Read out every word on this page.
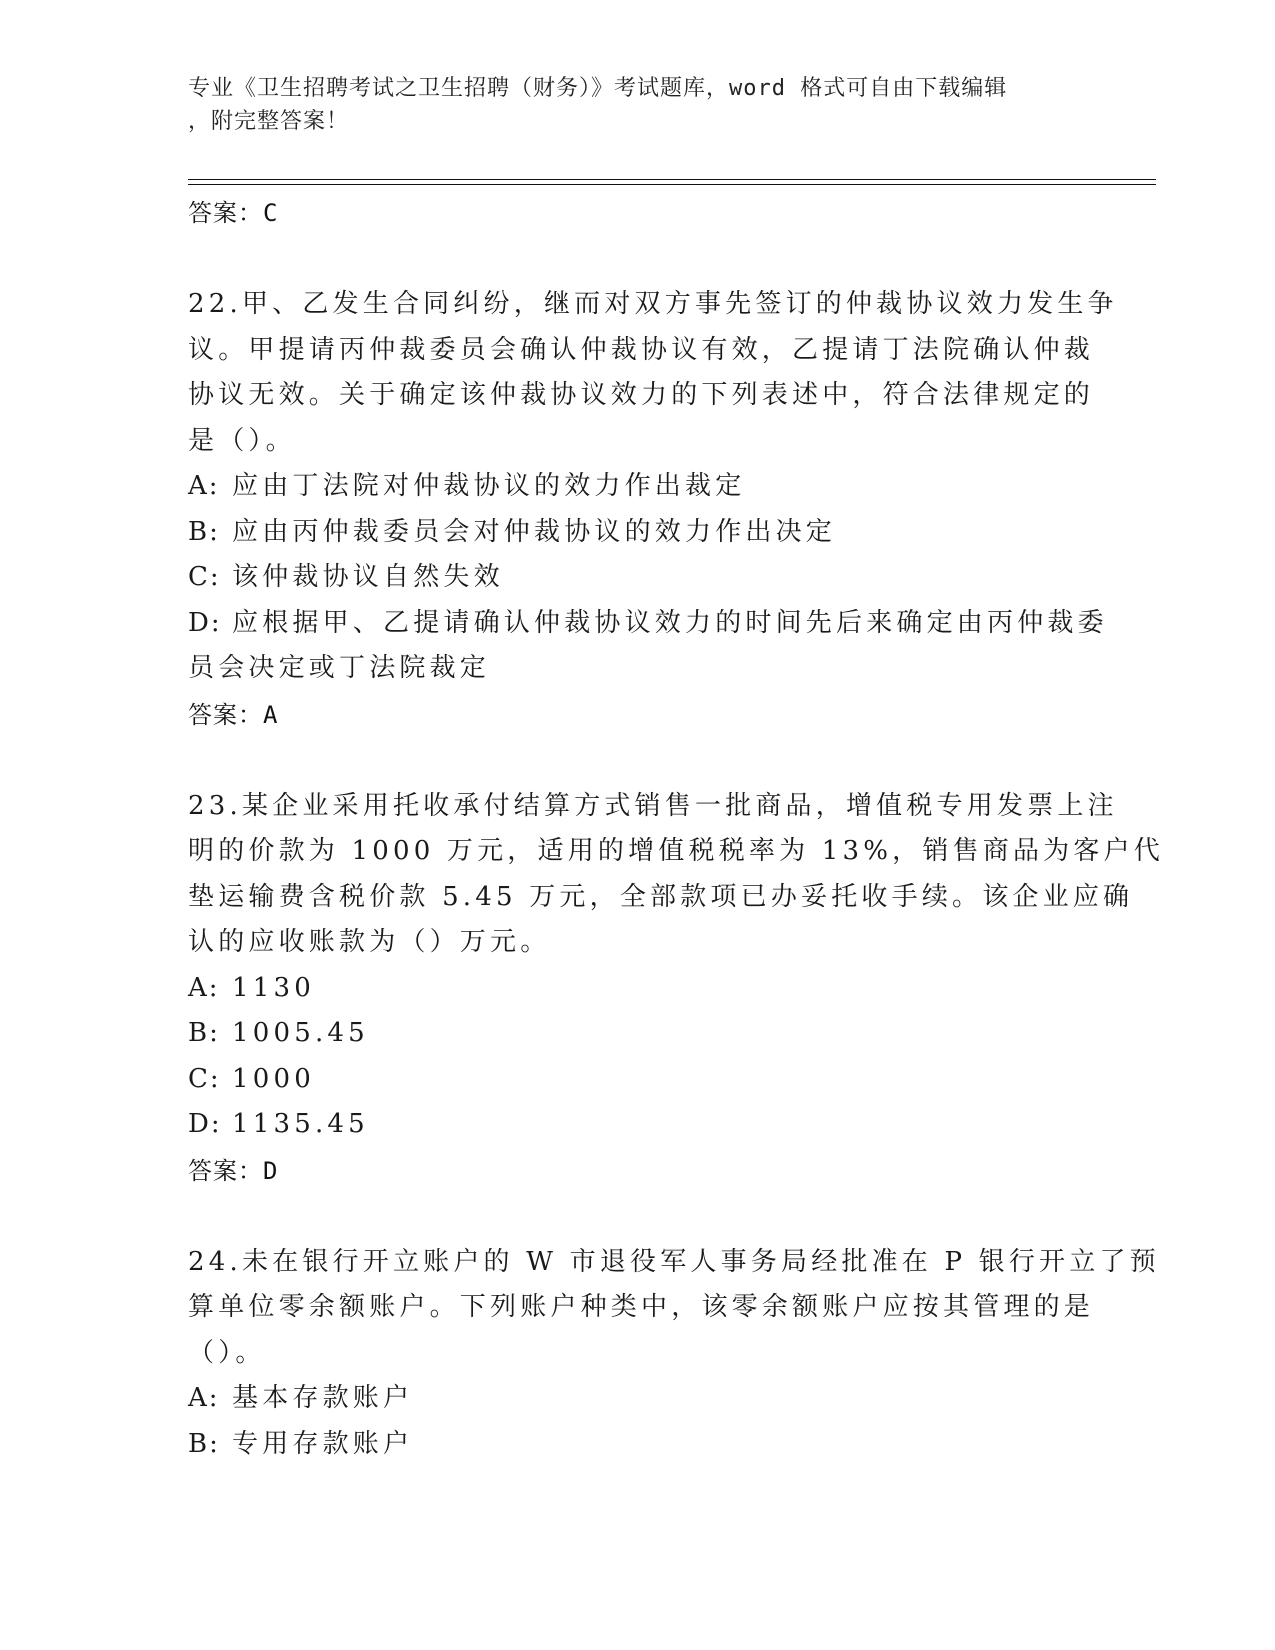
专业《卫生招聘考试之卫生招聘（财务）》考试题库，word 格式可自由下载编辑
，附完整答案！
答案：C
22.甲、乙发生合同纠纷，继而对双方事先签订的仲裁协议效力发生争
议。甲提请丙仲裁委员会确认仲裁协议有效，乙提请丁法院确认仲裁
协议无效。关于确定该仲裁协议效力的下列表述中，符合法律规定的
是（）。
A: 应由丁法院对仲裁协议的效力作出裁定
B: 应由丙仲裁委员会对仲裁协议的效力作出决定
C: 该仲裁协议自然失效
D: 应根据甲、乙提请确认仲裁协议效力的时间先后来确定由丙仲裁委
员会决定或丁法院裁定
答案：A
23.某企业采用托收承付结算方式销售一批商品，增值税专用发票上注
明的价款为 1000 万元，适用的增值税税率为 13%，销售商品为客户代
垫运输费含税价款 5.45 万元，全部款项已办妥托收手续。该企业应确
认的应收账款为（）万元。
A: 1130
B: 1005.45
C: 1000
D: 1135.45
答案：D
24.未在银行开立账户的 W 市退役军人事务局经批准在 P 银行开立了预
算单位零余额账户。下列账户种类中，该零余额账户应按其管理的是
（）。
A: 基本存款账户
B: 专用存款账户
